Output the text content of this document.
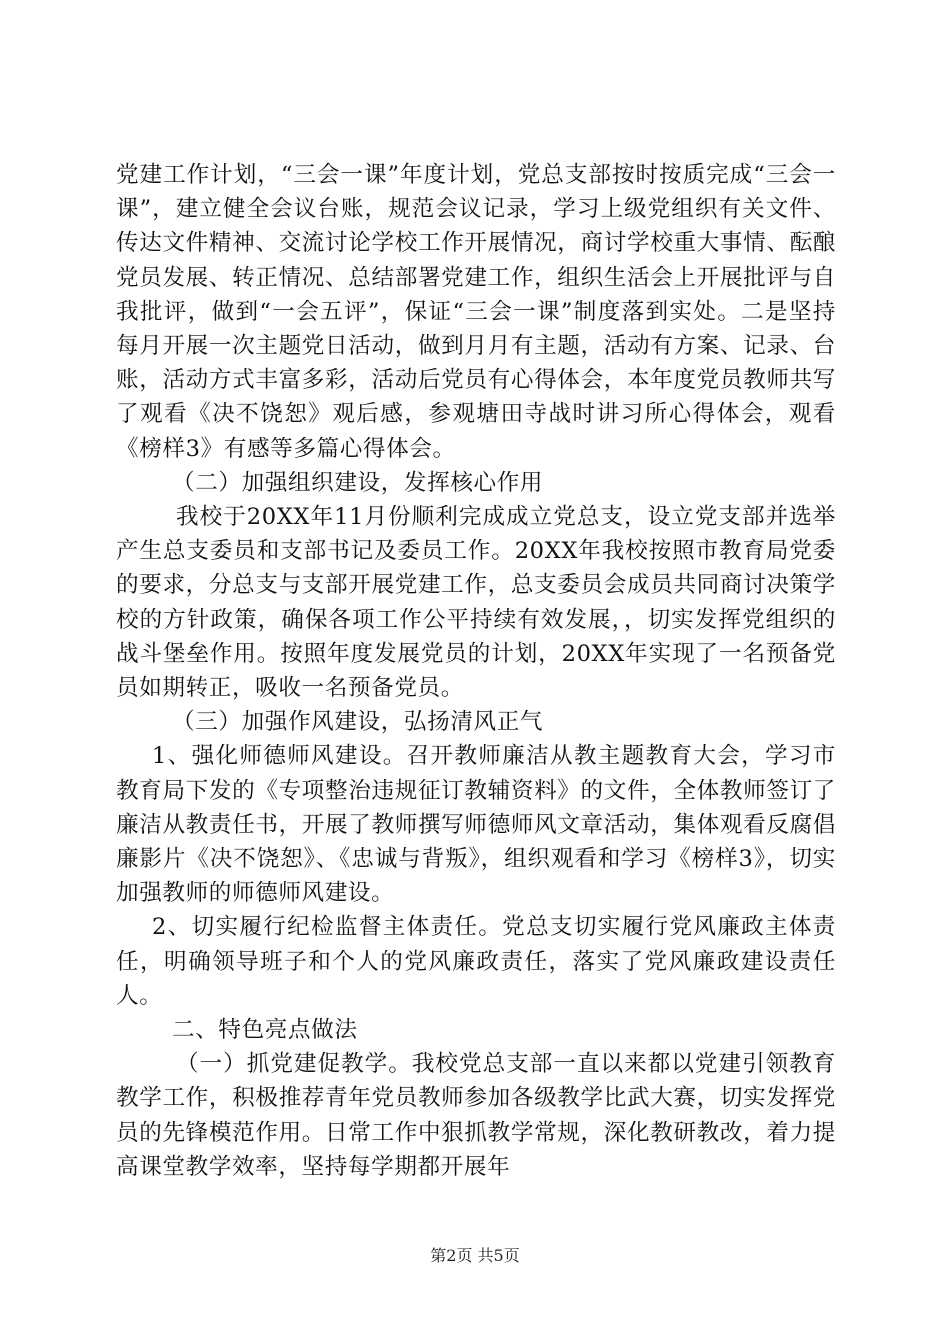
党建工作计划，“三会一课”年度计划，党总支部按时按质完成“三会一课”，建立健全会议台账，规范会议记录，学习上级党组织有关文件、传达文件精神、交流讨论学校工作开展情况，商讨学校重大事情、酝酿党员发展、转正情况、总结部署党建工作，组织生活会上开展批评与自我批评，做到“一会五评”，保证“三会一课”制度落到实处。二是坚持每月开展一次主题党日活动，做到月月有主题，活动有方案、记录、台账，活动方式丰富多彩，活动后党员有心得体会，本年度党员教师共写了观看《决不饶恕》观后感，参观塘田寺战时讲习所心得体会，观看《榜样3》有感等多篇心得体会。

（二）加强组织建设，发挥核心作用

我校于20XX年11月份顺利完成成立党总支，设立党支部并选举产生总支委员和支部书记及委员工作。20XX年我校按照市教育局党委的要求，分总支与支部开展党建工作，总支委员会成员共同商讨决策学校的方针政策，确保各项工作公平持续有效发展，，切实发挥党组织的战斗堡垒作用。按照年度发展党员的计划，20XX年实现了一名预备党员如期转正，吸收一名预备党员。

（三）加强作风建设，弘扬清风正气

1、强化师德师风建设。召开教师廉洁从教主题教育大会，学习市教育局下发的《专项整治违规征订教辅资料》的文件，全体教师签订了廉洁从教责任书，开展了教师撰写师德师风文章活动，集体观看反腐倡廉影片《决不饶恕》、《忠诚与背叛》，组织观看和学习《榜样3》，切实加强教师的师德师风建设。

2、切实履行纪检监督主体责任。党总支切实履行党风廉政主体责任，明确领导班子和个人的党风廉政责任，落实了党风廉政建设责任人。

二、特色亮点做法

（一）抓党建促教学。我校党总支部一直以来都以党建引领教育教学工作，积极推荐青年党员教师参加各级教学比武大赛，切实发挥党员的先锋模范作用。日常工作中狠抓教学常规，深化教研教改，着力提高课堂教学效率，坚持每学期都开展年

第2页 共5页
